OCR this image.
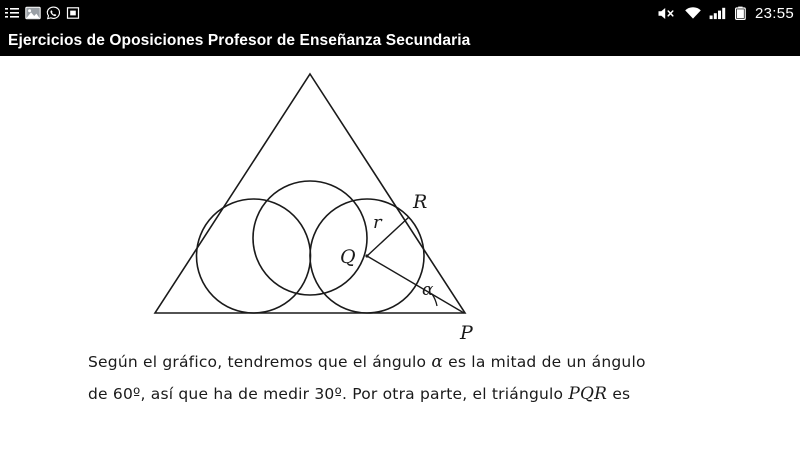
23:55
Ejercicios de Oposiciones Profesor de Enseñanza Secundaria
R
r
Q
α
P
Según el gráfico, tendremos que el ángulo α es la mitad de un ángulo
de 60º, así que ha de medir 30º. Por otra parte, el triángulo PQR es
